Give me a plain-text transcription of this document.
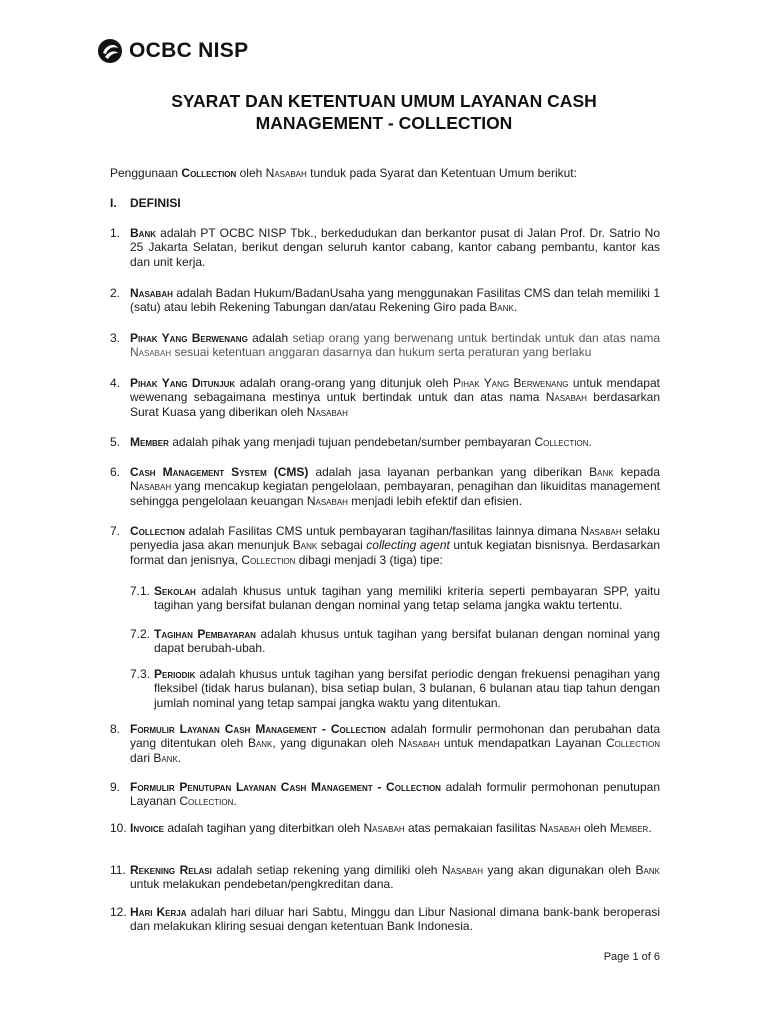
OCBC NISP
SYARAT DAN KETENTUAN UMUM LAYANAN CASH
MANAGEMENT - COLLECTION
Penggunaan Collection oleh Nasabah tunduk pada Syarat dan Ketentuan Umum berikut:
I. DEFINISI
1. Bank adalah PT OCBC NISP Tbk., berkedudukan dan berkantor pusat di Jalan Prof. Dr. Satrio No 25 Jakarta Selatan, berikut dengan seluruh kantor cabang, kantor cabang pembantu, kantor kas dan unit kerja.
2. Nasabah adalah Badan Hukum/BadanUsaha yang menggunakan Fasilitas CMS dan telah memiliki 1 (satu) atau lebih Rekening Tabungan dan/atau Rekening Giro pada Bank.
3. Pihak Yang Berwenang adalah setiap orang yang berwenang untuk bertindak untuk dan atas nama Nasabah sesuai ketentuan anggaran dasarnya dan hukum serta peraturan yang berlaku
4. Pihak Yang Ditunjuk adalah orang-orang yang ditunjuk oleh Pihak Yang Berwenang untuk mendapat wewenang sebagaimana mestinya untuk bertindak untuk dan atas nama Nasabah berdasarkan Surat Kuasa yang diberikan oleh Nasabah
5. Member adalah pihak yang menjadi tujuan pendebetan/sumber pembayaran Collection.
6. Cash Management System (CMS) adalah jasa layanan perbankan yang diberikan Bank kepada Nasabah yang mencakup kegiatan pengelolaan, pembayaran, penagihan dan likuiditas management sehingga pengelolaan keuangan Nasabah menjadi lebih efektif dan efisien.
7. Collection adalah Fasilitas CMS untuk pembayaran tagihan/fasilitas lainnya dimana Nasabah selaku penyedia jasa akan menunjuk Bank sebagai collecting agent untuk kegiatan bisnisnya. Berdasarkan format dan jenisnya, Collection dibagi menjadi 3 (tiga) tipe:
7.1. Sekolah adalah khusus untuk tagihan yang memiliki kriteria seperti pembayaran SPP, yaitu tagihan yang bersifat bulanan dengan nominal yang tetap selama jangka waktu tertentu.
7.2. Tagihan Pembayaran adalah khusus untuk tagihan yang bersifat bulanan dengan nominal yang dapat berubah-ubah.
7.3. Periodik adalah khusus untuk tagihan yang bersifat periodic dengan frekuensi penagihan yang fleksibel (tidak harus bulanan), bisa setiap bulan, 3 bulanan, 6 bulanan atau tiap tahun dengan jumlah nominal yang tetap sampai jangka waktu yang ditentukan.
8. Formulir Layanan Cash Management - Collection adalah formulir permohonan dan perubahan data yang ditentukan oleh Bank, yang digunakan oleh Nasabah untuk mendapatkan Layanan Collection dari Bank.
9. Formulir Penutupan Layanan Cash Management - Collection adalah formulir permohonan penutupan Layanan Collection.
10. Invoice adalah tagihan yang diterbitkan oleh Nasabah atas pemakaian fasilitas Nasabah oleh Member.
11. Rekening Relasi adalah setiap rekening yang dimiliki oleh Nasabah yang akan digunakan oleh Bank untuk melakukan pendebetan/pengkreditan dana.
12. Hari Kerja adalah hari diluar hari Sabtu, Minggu dan Libur Nasional dimana bank-bank beroperasi dan melakukan kliring sesuai dengan ketentuan Bank Indonesia.
Page 1 of 6
